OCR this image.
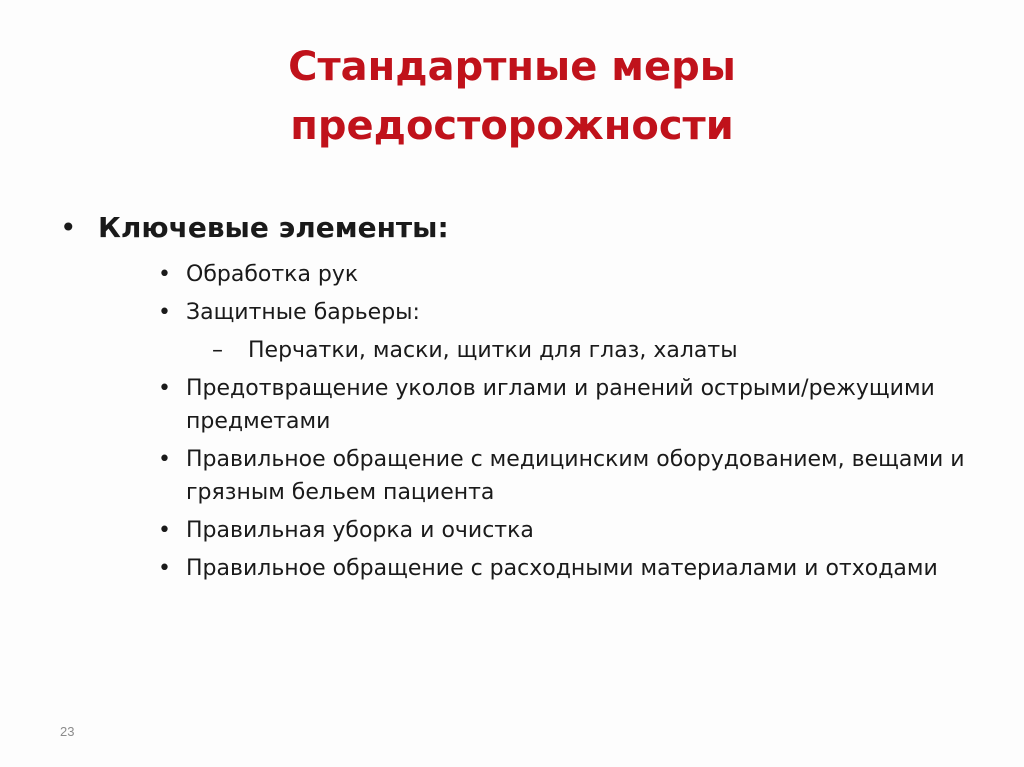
Стандартные меры
предосторожности
• Ключевые элементы:
• Обработка рук
• Защитные барьеры:
– Перчатки, маски, щитки для глаз, халаты
• Предотвращение уколов иглами и ранений острыми/режущими предметами
• Правильное обращение с медицинским оборудованием, вещами и грязным бельем пациента
• Правильная уборка и очистка
• Правильное обращение с расходными материалами и отходами
23
